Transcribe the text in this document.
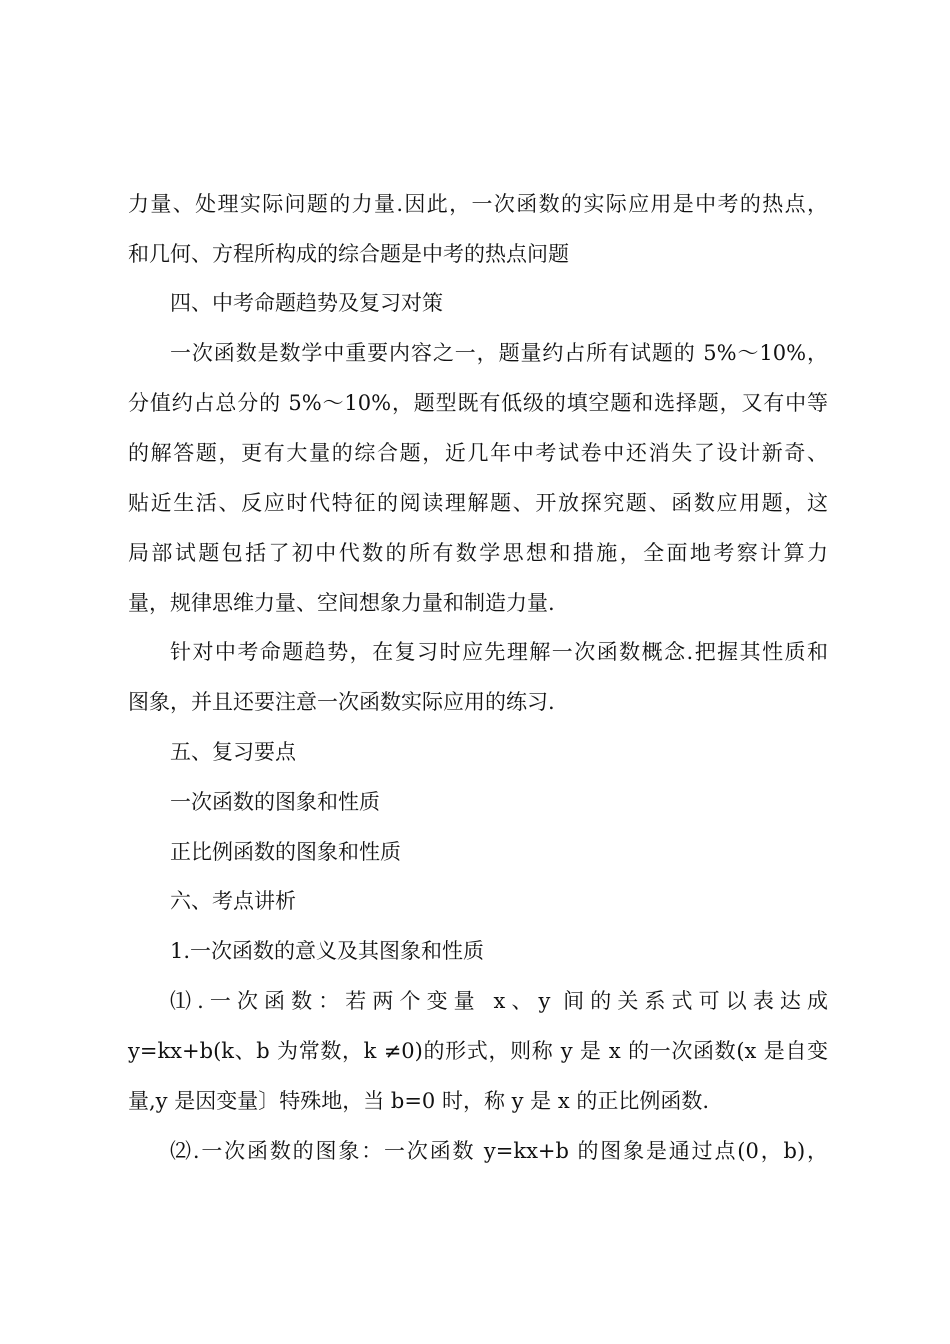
力量、处理实际问题的力量.因此，一次函数的实际应用是中考的热点，
和几何、方程所构成的综合题是中考的热点问题
四、中考命题趋势及复习对策
一次函数是数学中重要内容之一，题量约占所有试题的 5%～10%，
分值约占总分的 5%～10%，题型既有低级的填空题和选择题，又有中等
的解答题，更有大量的综合题，近几年中考试卷中还消失了设计新奇、
贴近生活、反应时代特征的阅读理解题、开放探究题、函数应用题，这
局部试题包括了初中代数的所有数学思想和措施，全面地考察计算力
量，规律思维力量、空间想象力量和制造力量.
针对中考命题趋势，在复习时应先理解一次函数概念.把握其性质和
图象，并且还要注意一次函数实际应用的练习.
五、复习要点
一次函数的图象和性质
正比例函数的图象和性质
六、考点讲析
1.一次函数的意义及其图象和性质
⑴.一次函数：若两个变量 x、y 间的关系式可以表达成
y=kx+b(k、b 为常数，k ≠0)的形式，则称 y 是 x 的一次函数(x 是自变
量,y 是因变量〕特殊地，当 b=0 时，称 y 是 x 的正比例函数.
⑵.一次函数的图象：一次函数 y=kx+b 的图象是通过点(0，b)，
